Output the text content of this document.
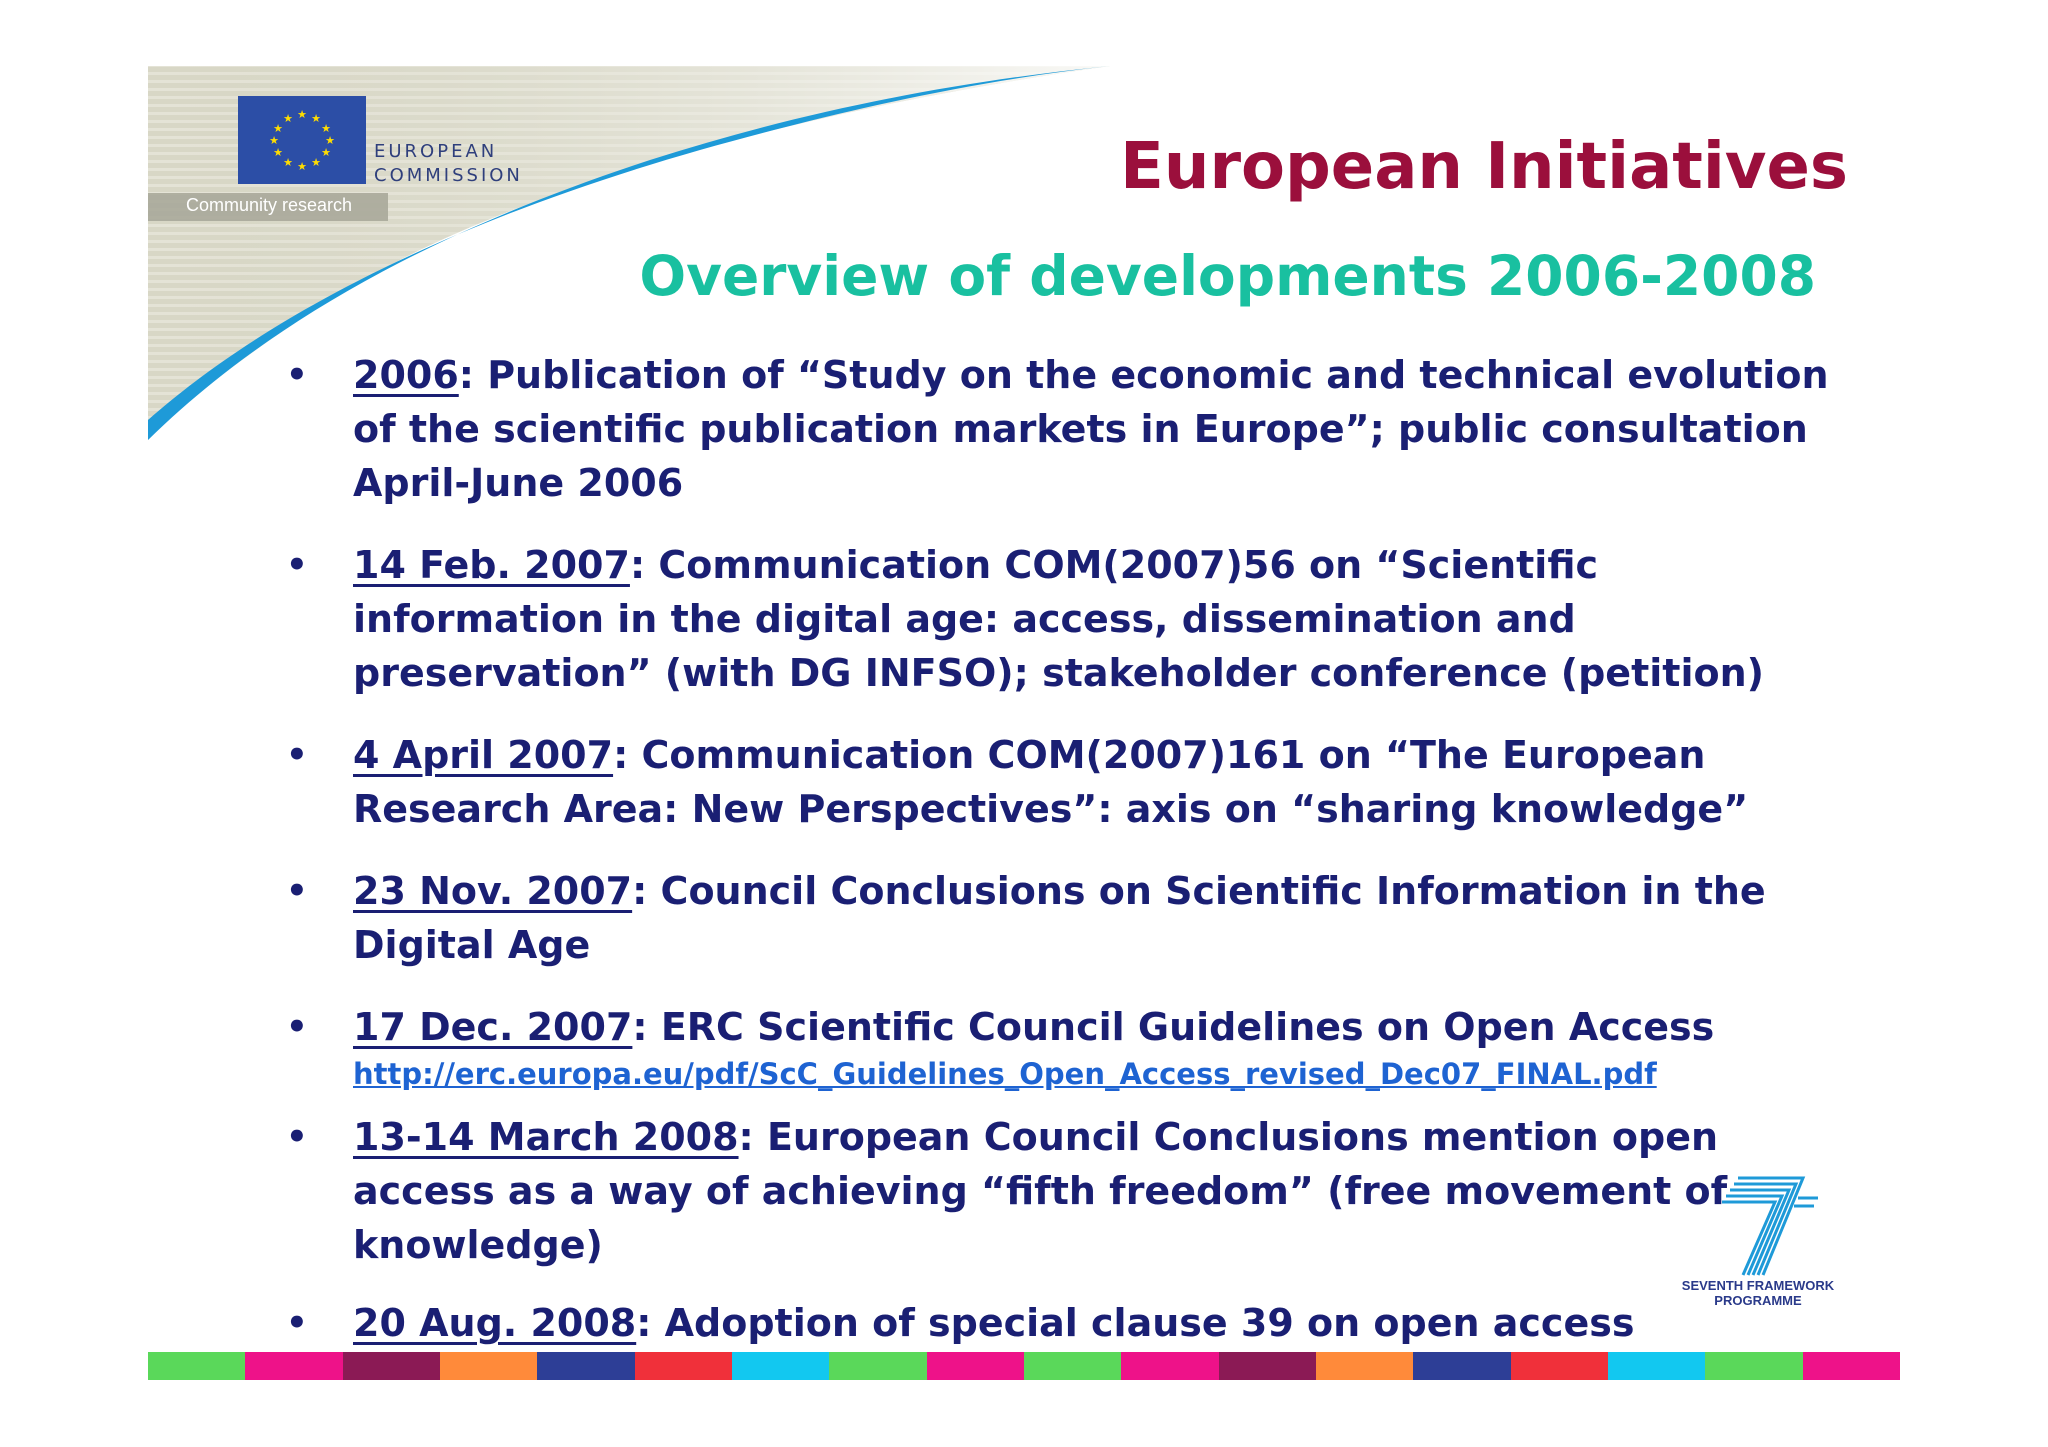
★ ★
★
★
★
★
★
★
★
★
★
★
EUROPEAN
COMMISSION
Community research
European Initiatives
Overview of developments 2006-2008
• 2006: Publication of “Study on the economic and technical evolution of the scientific publication markets in Europe”; public consultation April-June 2006
• 14 Feb. 2007: Communication COM(2007)56 on “Scientific information in the digital age: access, dissemination and preservation” (with DG INFSO); stakeholder conference (petition)
• 4 April 2007: Communication COM(2007)161 on “The European Research Area: New Perspectives”: axis on “sharing knowledge”
• 23 Nov. 2007: Council Conclusions on Scientific Information in the Digital Age
• 17 Dec. 2007: ERC Scientific Council Guidelines on Open Access
http://erc.europa.eu/pdf/ScC_Guidelines_Open_Access_revised_Dec07_FINAL.pdf
• 13-14 March 2008: European Council Conclusions mention open access as a way of achieving “fifth freedom” (free movement of knowledge)
• 20 Aug. 2008: Adoption of special clause 39 on open access
SEVENTH FRAMEWORK
PROGRAMME
